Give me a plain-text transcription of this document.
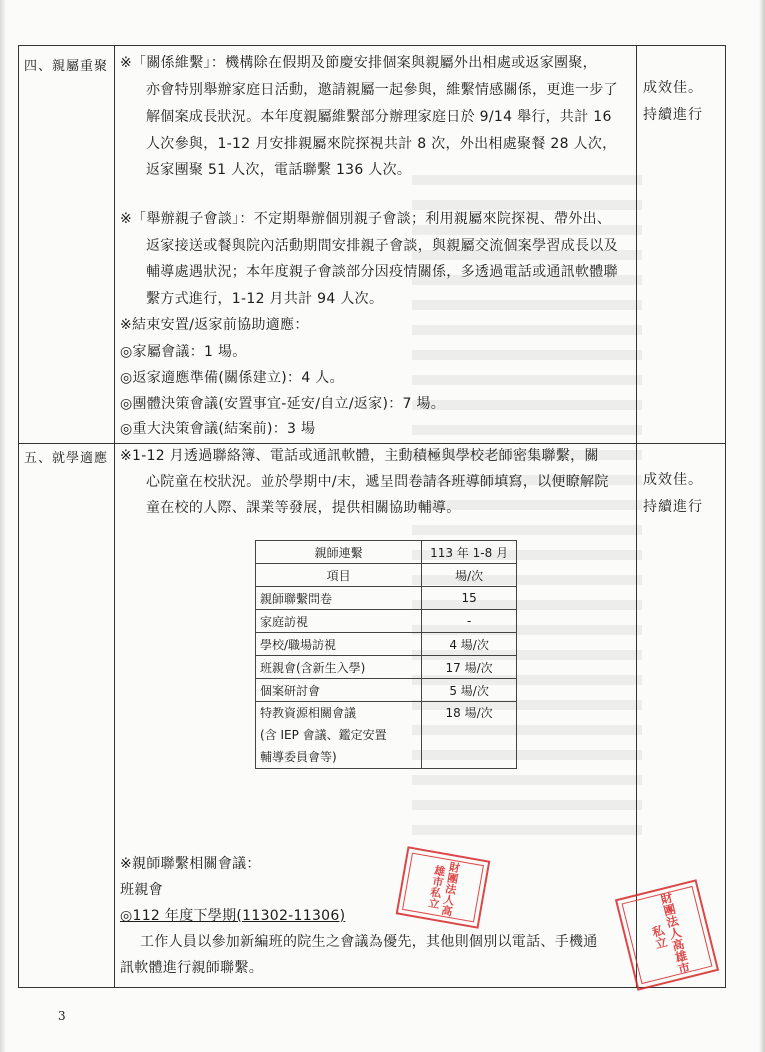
四、親屬重聚 ※「關係維繫」：機構除在假期及節慶安排個案與親屬外出相處或返家團聚，
亦會特別舉辦家庭日活動，邀請親屬一起參與，維繫情感關係，更進一步了
解個案成長狀況。本年度親屬維繫部分辦理家庭日於 9/14 舉行，共計 16
人次參與，1-12 月安排親屬來院探視共計 8 次，外出相處聚餐 28 人次，
返家團聚 51 人次，電話聯繫 136 人次。
成效佳。
持續進行
※「舉辦親子會談」：不定期舉辦個別親子會談；利用親屬來院探視、帶外出、
返家接送或餐與院內活動期間安排親子會談，與親屬交流個案學習成長以及
輔導處遇狀況；本年度親子會談部分因疫情關係，多透過電話或通訊軟體聯
繫方式進行，1-12 月共計 94 人次。
※結束安置/返家前協助適應：
◎家屬會議：1 場。
◎返家適應準備(關係建立)：4 人。
◎團體決策會議(安置事宜-延安/自立/返家)：7 場。
◎重大決策會議(結案前)：3 場
五、就學適應 ※1-12 月透過聯絡簿、電話或通訊軟體，主動積極與學校老師密集聯繫，關
心院童在校狀況。並於學期中/末，遞呈問卷請各班導師填寫，以便瞭解院
童在校的人際、課業等發展，提供相關協助輔導。
成效佳。
持續進行
親師連繫	113 年 1-8 月
項目	場/次
親師聯繫問卷	15
家庭訪視	-
學校/職場訪視	4 場/次
班親會(含新生入學)	17 場/次
個案研討會	5 場/次

特教資源相關會議
(含 IEP 會議、鑑定安置
輔導委員會等)	18 場/次
※親師聯繫相關會議：
班親會
◎112 年度下學期(11302-11306)
工作人員以參加新編班的院生之會議為優先，其他則個別以電話、手機通
訊軟體進行親師聯繫。
3
財團法人高雄市私立
財團法人高雄市私立
